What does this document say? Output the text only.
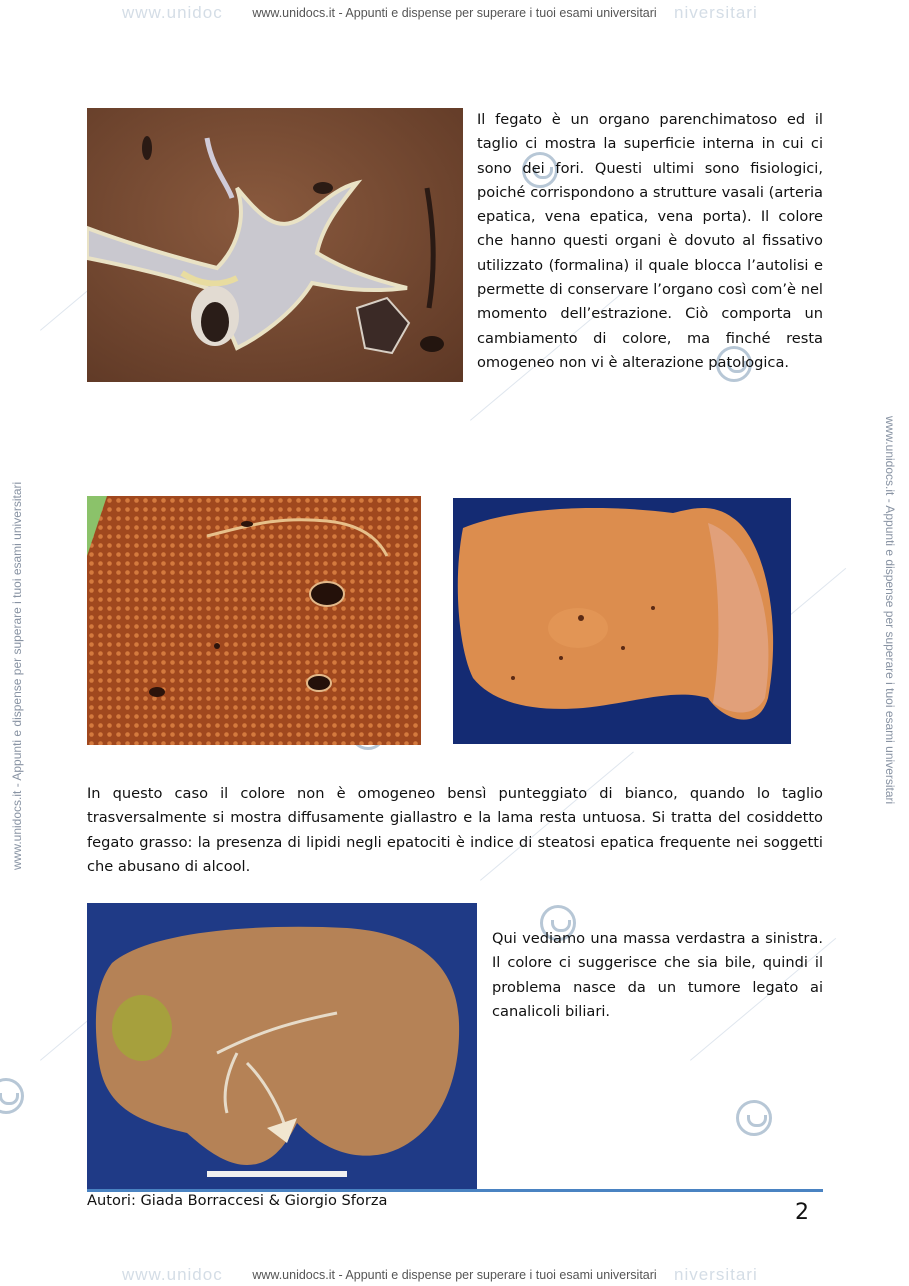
www.unidoc	niversitari
www.unidocs.it - Appunti e dispense per superare i tuoi esami universitari
www.unidoc	niversitari
www.unidocs.it - Appunti e dispense per superare i tuoi esami universitari
www.unidocs.it - Appunti e dispense per superare i tuoi esami universitari	www.unidocs.it - Appunti e dispense per superare i tuoi esami universitari

Il fegato è un organo parenchimatoso ed il taglio ci mostra la superficie interna in cui ci sono dei fori. Questi ultimi sono fisiologici, poiché corrispondono a strutture vasali (arteria epatica, vena epatica, vena porta). Il colore che hanno questi organi è dovuto al fissativo utilizzato (formalina) il quale blocca l’autolisi e permette di conservare l’organo così com’è nel momento dell’estrazione. Ciò comporta un cambiamento di colore, ma finché resta omogeneo non vi è alterazione patologica.

In questo caso il colore non è omogeneo bensì punteggiato di bianco, quando lo taglio trasversalmente si mostra diffusamente giallastro e la lama resta untuosa. Si tratta del cosiddetto fegato grasso: la presenza di lipidi negli epatociti è indice di steatosi epatica frequente nei soggetti che abusano di alcool.

Qui vediamo una massa verdastra a sinistra. Il colore ci suggerisce che sia bile, quindi il problema nasce da un tumore legato ai canalicoli biliari.

Autori: Giada Borraccesi & Giorgio Sforza	2
